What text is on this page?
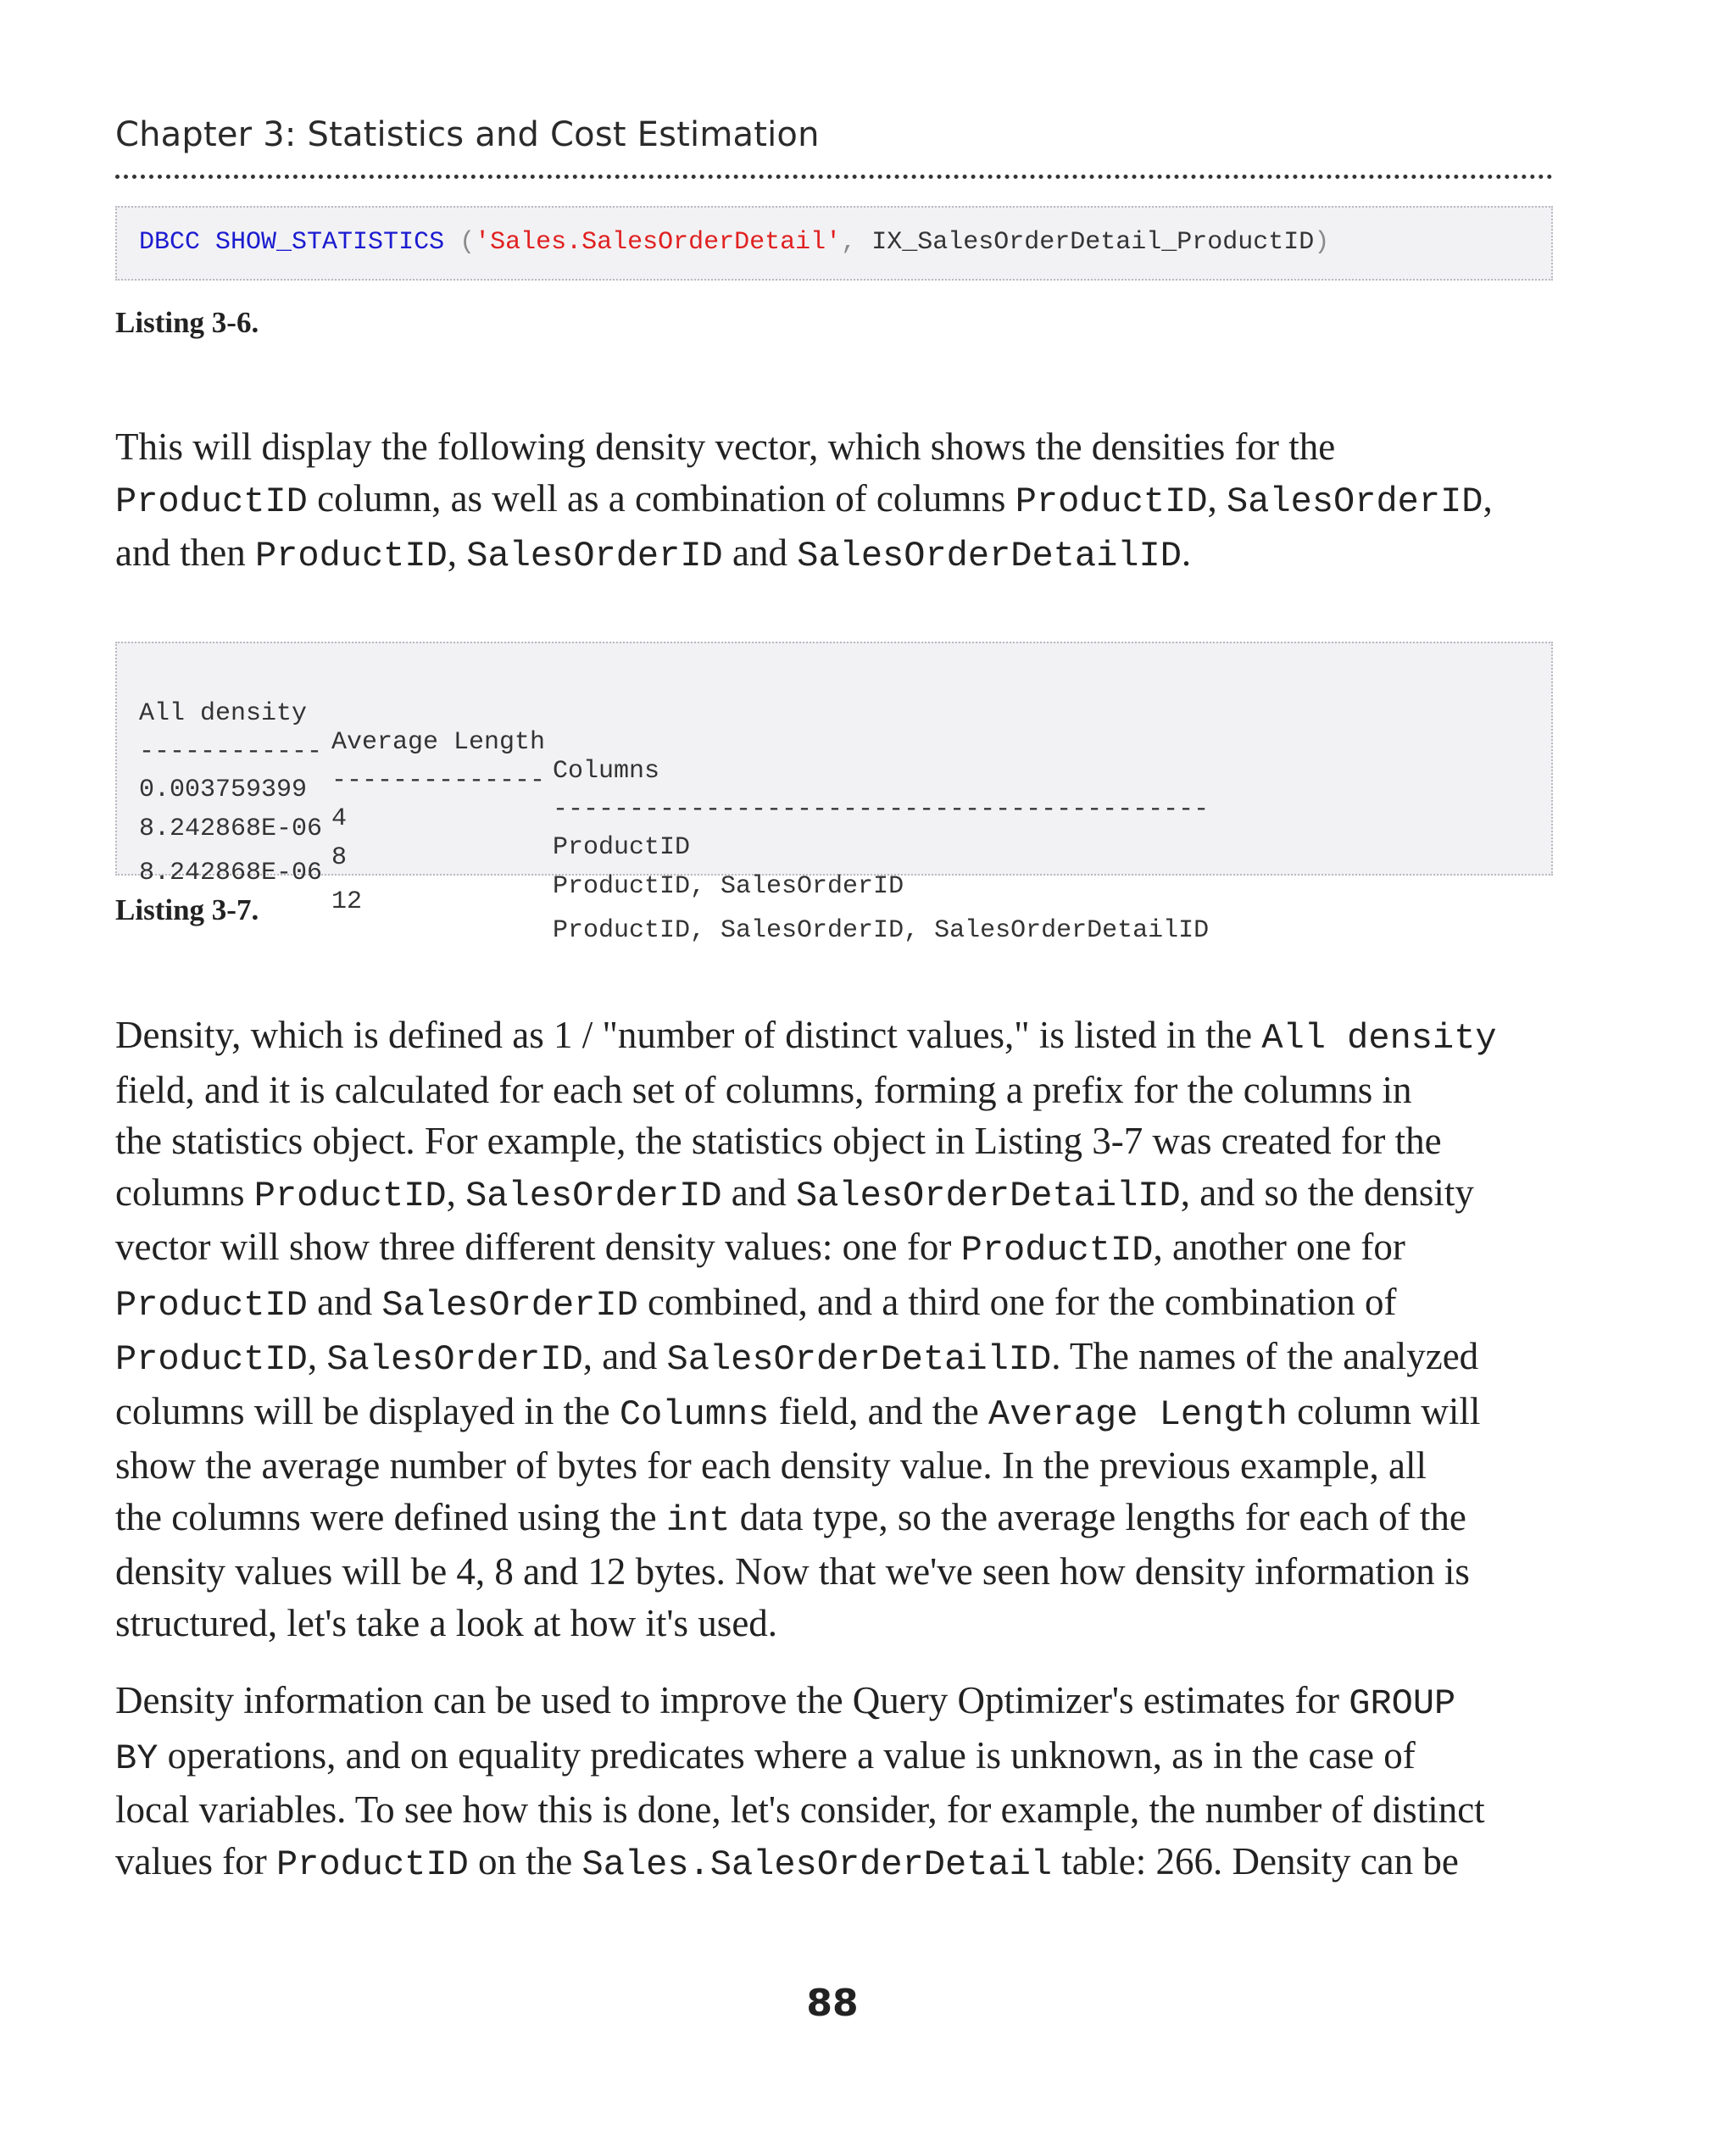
Chapter 3: Statistics and Cost Estimation
DBCC SHOW_STATISTICS ('Sales.SalesOrderDetail', IX_SalesOrderDetail_ProductID)
Listing 3-6.
This will display the following density vector, which shows the densities for the
ProductID column, as well as a combination of columns ProductID, SalesOrderID,
and then ProductID, SalesOrderID and SalesOrderDetailID.

All density

Average Length

Columns

------------

--------------

-------------------------------------------

0.003759399

4

ProductID

8.242868E-06

8

ProductID, SalesOrderID

8.242868E-06

12

ProductID, SalesOrderID, SalesOrderDetailID

Listing 3-7.
Density, which is defined as 1 / "number of distinct values," is listed in the All density
field, and it is calculated for each set of columns, forming a prefix for the columns in
the statistics object. For example, the statistics object in Listing 3-7 was created for the
columns ProductID, SalesOrderID and SalesOrderDetailID, and so the density
vector will show three different density values: one for ProductID, another one for
ProductID and SalesOrderID combined, and a third one for the combination of
ProductID, SalesOrderID, and SalesOrderDetailID. The names of the analyzed
columns will be displayed in the Columns field, and the Average Length column will
show the average number of bytes for each density value. In the previous example, all
the columns were defined using the int data type, so the average lengths for each of the
density values will be 4, 8 and 12 bytes. Now that we've seen how density information is
structured, let's take a look at how it's used.
Density information can be used to improve the Query Optimizer's estimates for GROUP
BY operations, and on equality predicates where a value is unknown, as in the case of
local variables. To see how this is done, let's consider, for example, the number of distinct
values for ProductID on the Sales.SalesOrderDetail table: 266. Density can be
88
